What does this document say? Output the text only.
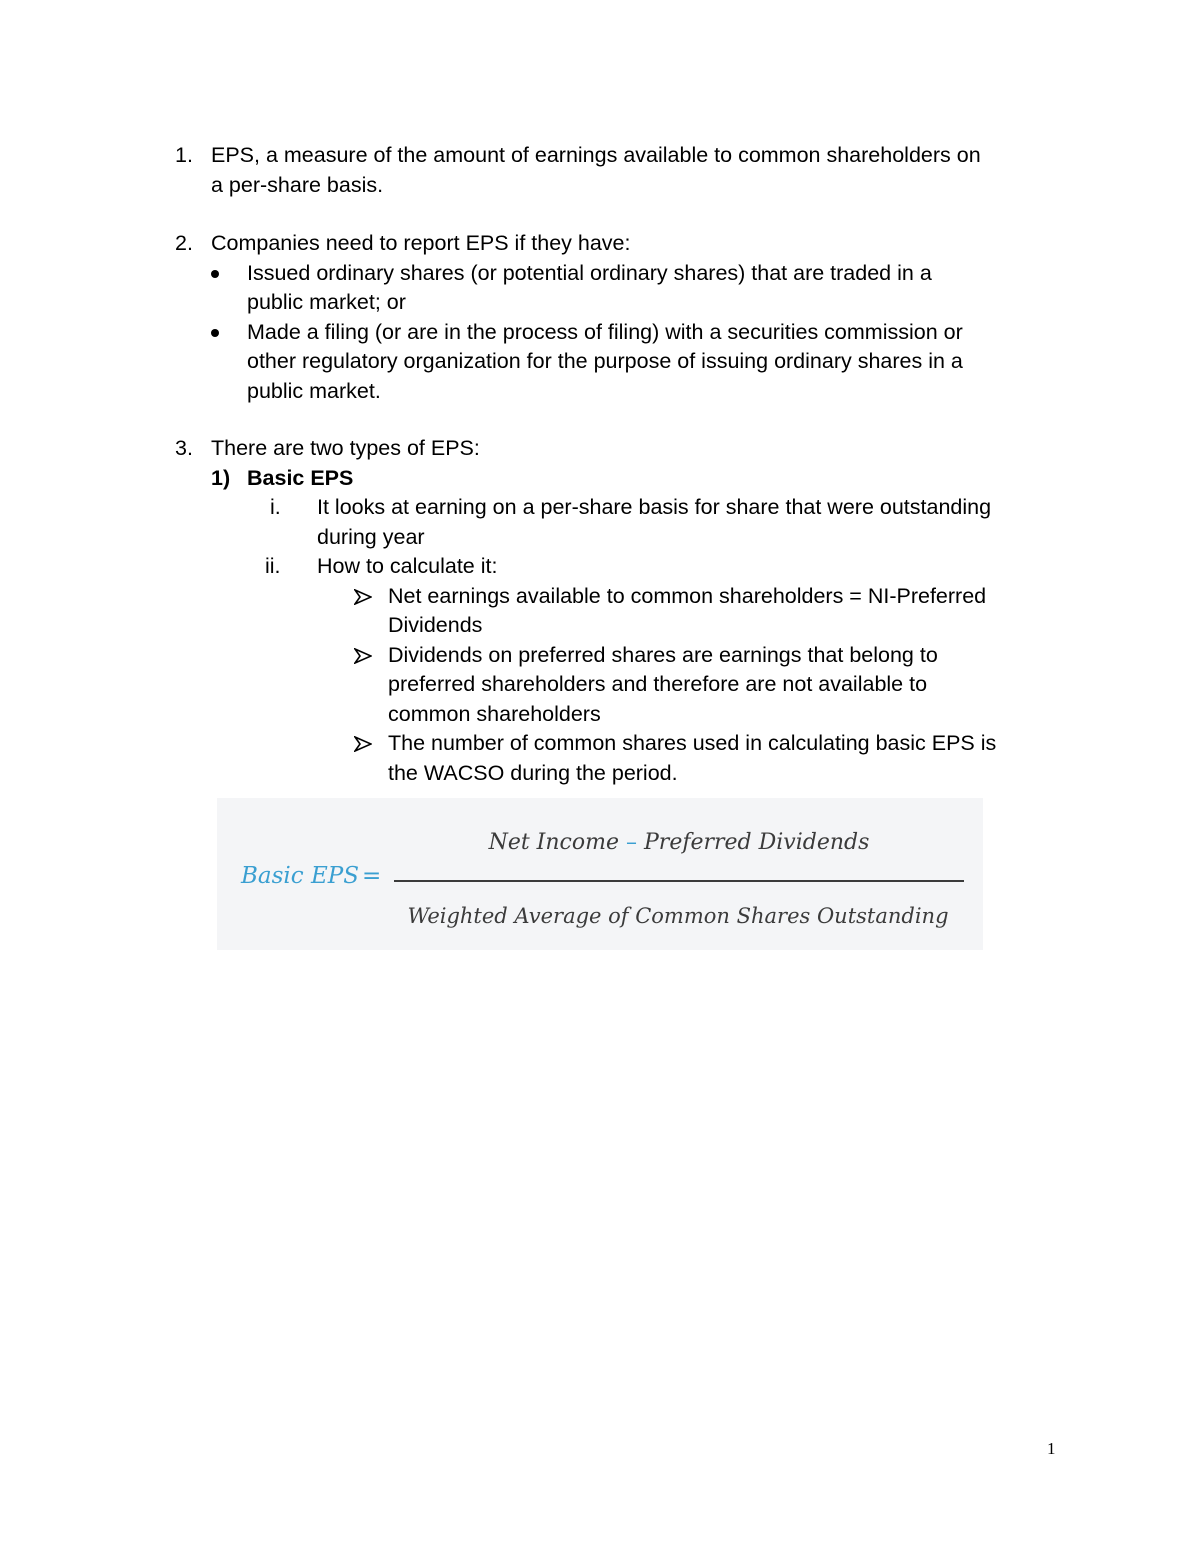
1. EPS, a measure of the amount of earnings available to common shareholders on
a per-share basis.
2. Companies need to report EPS if they have:
Issued ordinary shares (or potential ordinary shares) that are traded in a
public market; or
Made a filing (or are in the process of filing) with a securities commission or
other regulatory organization for the purpose of issuing ordinary shares in a
public market.
3. There are two types of EPS:
1) Basic EPS
i. It looks at earning on a per-share basis for share that were outstanding
during year
ii. How to calculate it:
Net earnings available to common shareholders = NI-Preferred
Dividends
Dividends on preferred shares are earnings that belong to
preferred shareholders and therefore are not available to
common shareholders
The number of common shares used in calculating basic EPS is
the WACSO during the period.
Basic EPS =
Net Income – Preferred Dividends
Weighted Average of Common Shares Outstanding
1
